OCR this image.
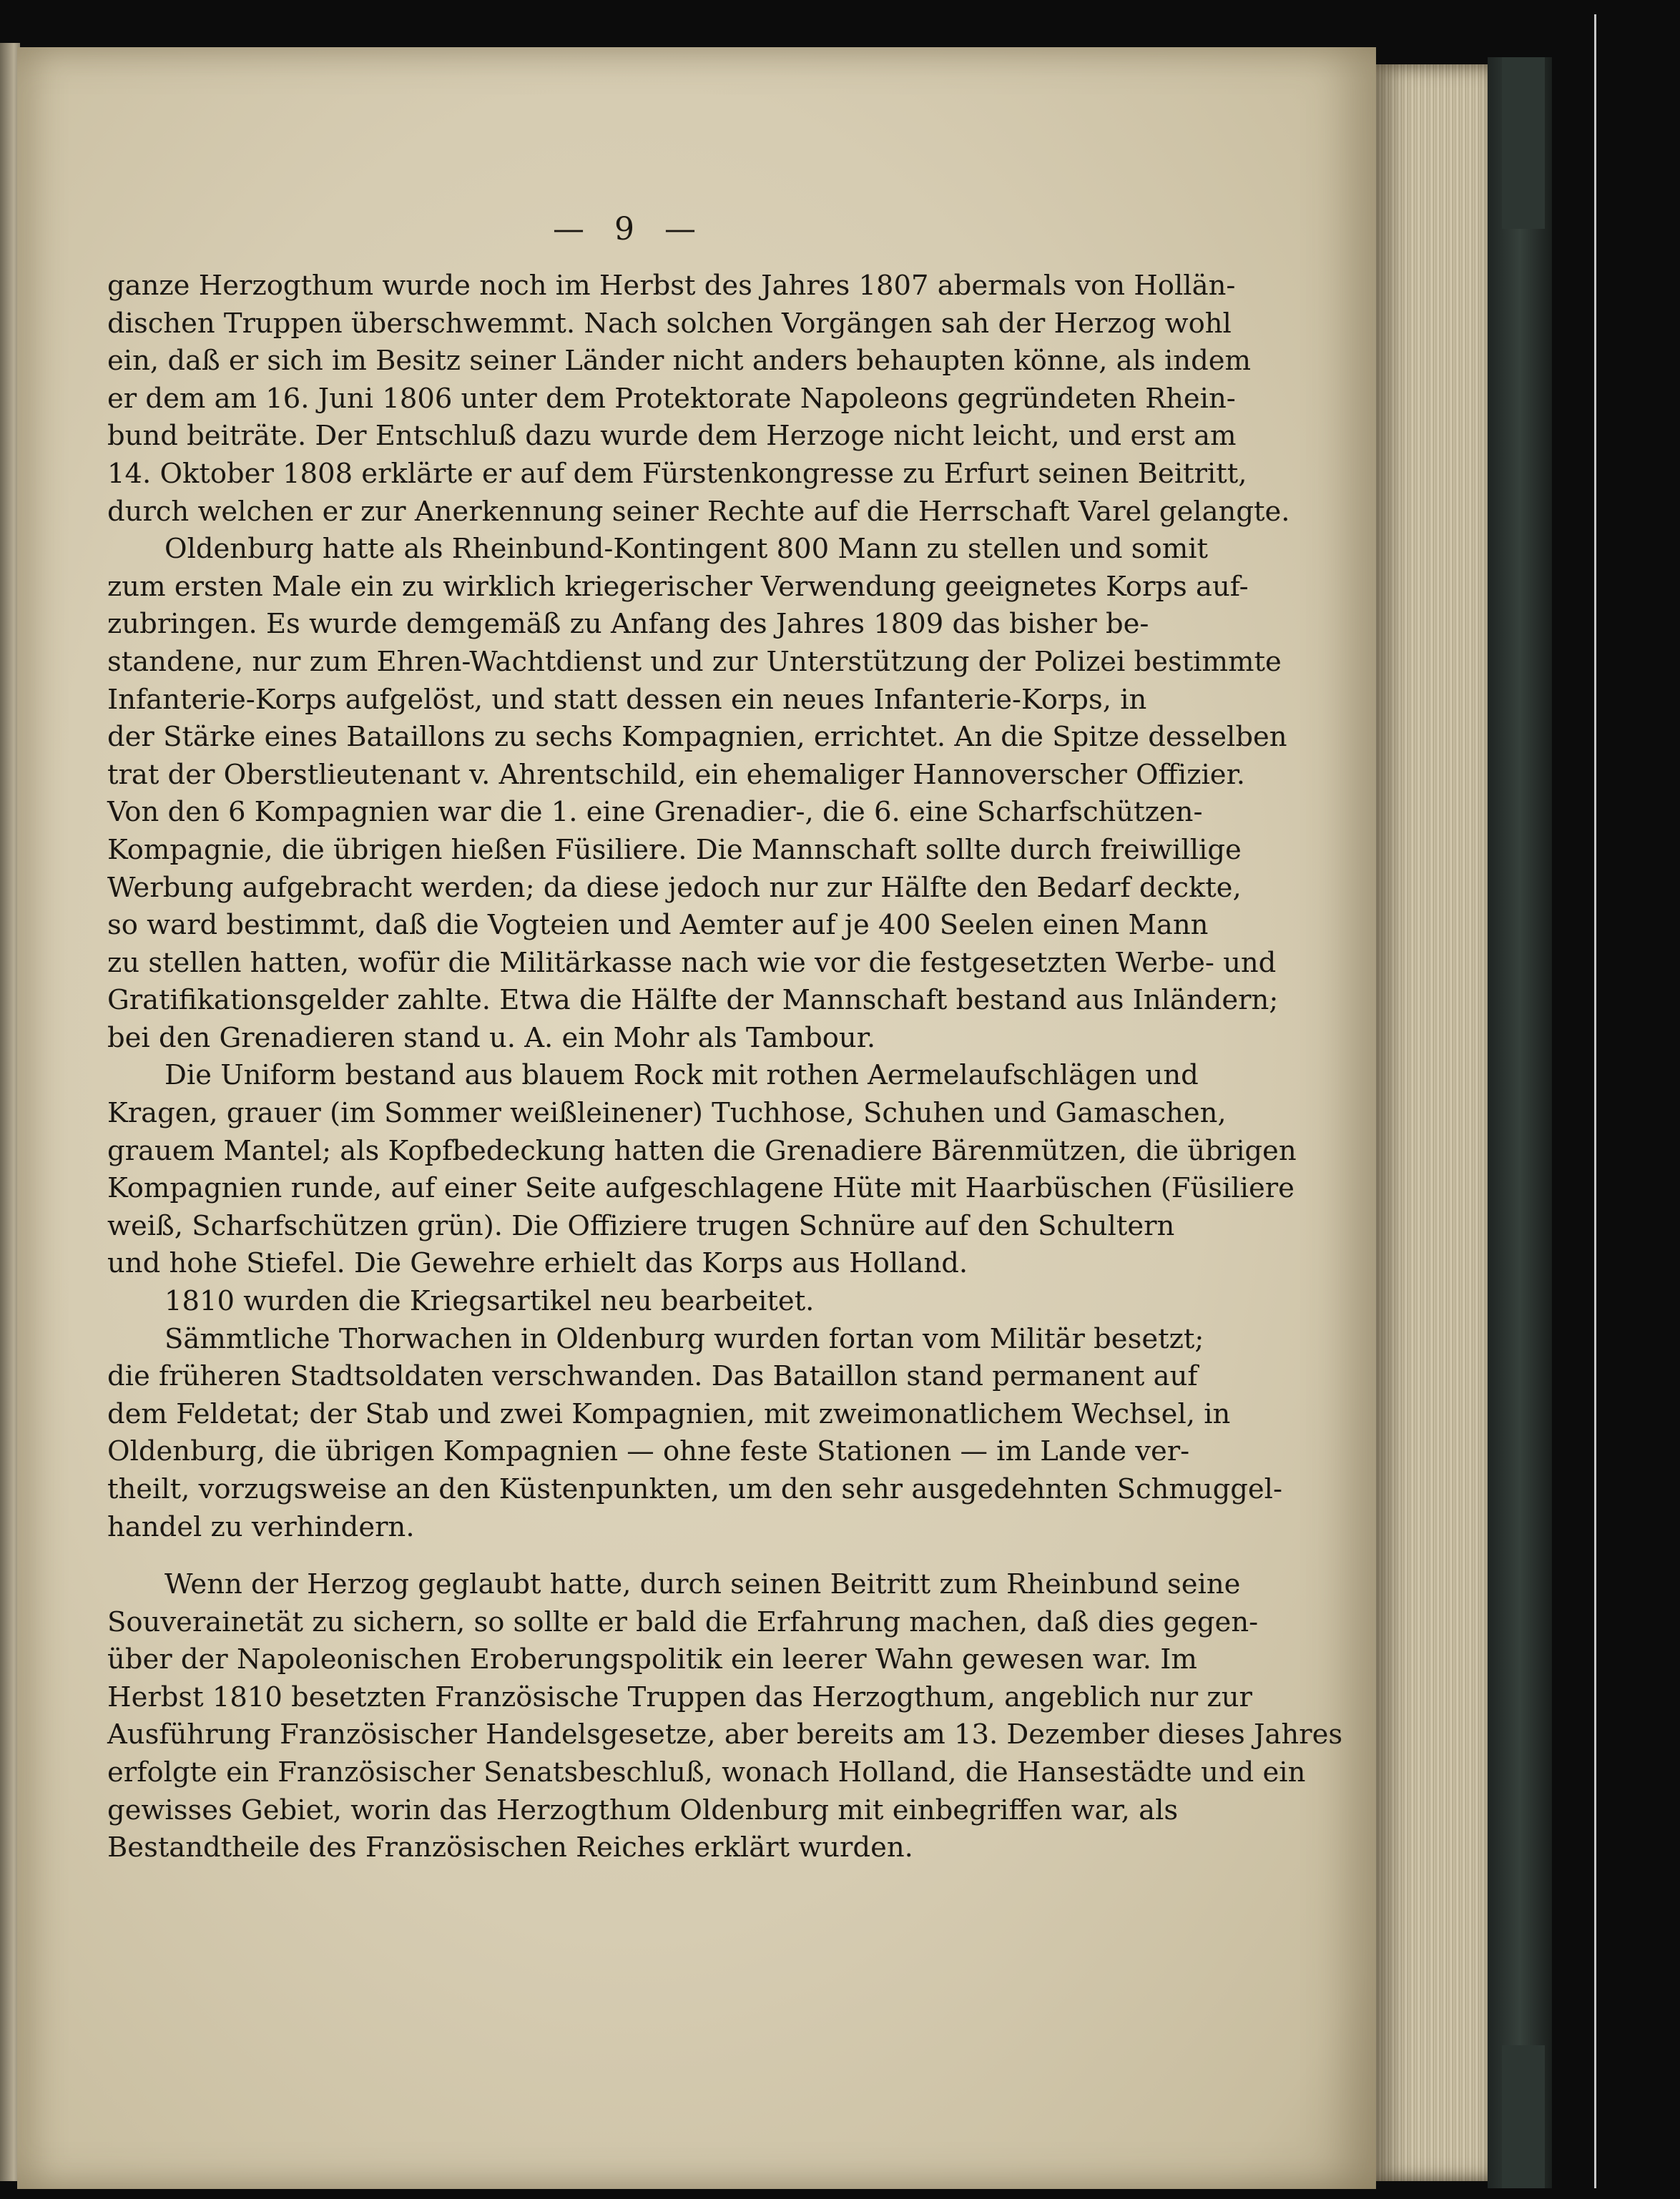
— 9 —
ganze Herzogthum wurde noch im Herbst des Jahres 1807 abermals von Hollän-
dischen Truppen überschwemmt. Nach solchen Vorgängen sah der Herzog wohl
ein, daß er sich im Besitz seiner Länder nicht anders behaupten könne, als indem
er dem am 16. Juni 1806 unter dem Protektorate Napoleons gegründeten Rhein-
bund beiträte. Der Entschluß dazu wurde dem Herzoge nicht leicht, und erst am
14. Oktober 1808 erklärte er auf dem Fürstenkongresse zu Erfurt seinen Beitritt,
durch welchen er zur Anerkennung seiner Rechte auf die Herrschaft Varel gelangte.
Oldenburg hatte als Rheinbund-Kontingent 800 Mann zu stellen und somit
zum ersten Male ein zu wirklich kriegerischer Verwendung geeignetes Korps auf-
zubringen. Es wurde demgemäß zu Anfang des Jahres 1809 das bisher be-
standene, nur zum Ehren-Wachtdienst und zur Unterstützung der Polizei bestimmte
Infanterie-Korps aufgelöst, und statt dessen ein neues Infanterie-Korps, in
der Stärke eines Bataillons zu sechs Kompagnien, errichtet. An die Spitze desselben
trat der Oberstlieutenant v. Ahrentschild, ein ehemaliger Hannoverscher Offizier.
Von den 6 Kompagnien war die 1. eine Grenadier-, die 6. eine Scharfschützen-
Kompagnie, die übrigen hießen Füsiliere. Die Mannschaft sollte durch freiwillige
Werbung aufgebracht werden; da diese jedoch nur zur Hälfte den Bedarf deckte,
so ward bestimmt, daß die Vogteien und Aemter auf je 400 Seelen einen Mann
zu stellen hatten, wofür die Militärkasse nach wie vor die festgesetzten Werbe- und
Gratifikationsgelder zahlte. Etwa die Hälfte der Mannschaft bestand aus Inländern;
bei den Grenadieren stand u. A. ein Mohr als Tambour.
Die Uniform bestand aus blauem Rock mit rothen Aermelaufschlägen und
Kragen, grauer (im Sommer weißleinener) Tuchhose, Schuhen und Gamaschen,
grauem Mantel; als Kopfbedeckung hatten die Grenadiere Bärenmützen, die übrigen
Kompagnien runde, auf einer Seite aufgeschlagene Hüte mit Haarbüschen (Füsiliere
weiß, Scharfschützen grün). Die Offiziere trugen Schnüre auf den Schultern
und hohe Stiefel. Die Gewehre erhielt das Korps aus Holland.
1810 wurden die Kriegsartikel neu bearbeitet.
Sämmtliche Thorwachen in Oldenburg wurden fortan vom Militär besetzt;
die früheren Stadtsoldaten verschwanden. Das Bataillon stand permanent auf
dem Feldetat; der Stab und zwei Kompagnien, mit zweimonatlichem Wechsel, in
Oldenburg, die übrigen Kompagnien — ohne feste Stationen — im Lande ver-
theilt, vorzugsweise an den Küstenpunkten, um den sehr ausgedehnten Schmuggel-
handel zu verhindern.
Wenn der Herzog geglaubt hatte, durch seinen Beitritt zum Rheinbund seine
Souverainetät zu sichern, so sollte er bald die Erfahrung machen, daß dies gegen-
über der Napoleonischen Eroberungspolitik ein leerer Wahn gewesen war. Im
Herbst 1810 besetzten Französische Truppen das Herzogthum, angeblich nur zur
Ausführung Französischer Handelsgesetze, aber bereits am 13. Dezember dieses Jahres
erfolgte ein Französischer Senatsbeschluß, wonach Holland, die Hansestädte und ein
gewisses Gebiet, worin das Herzogthum Oldenburg mit einbegriffen war, als
Bestandtheile des Französischen Reiches erklärt wurden.
